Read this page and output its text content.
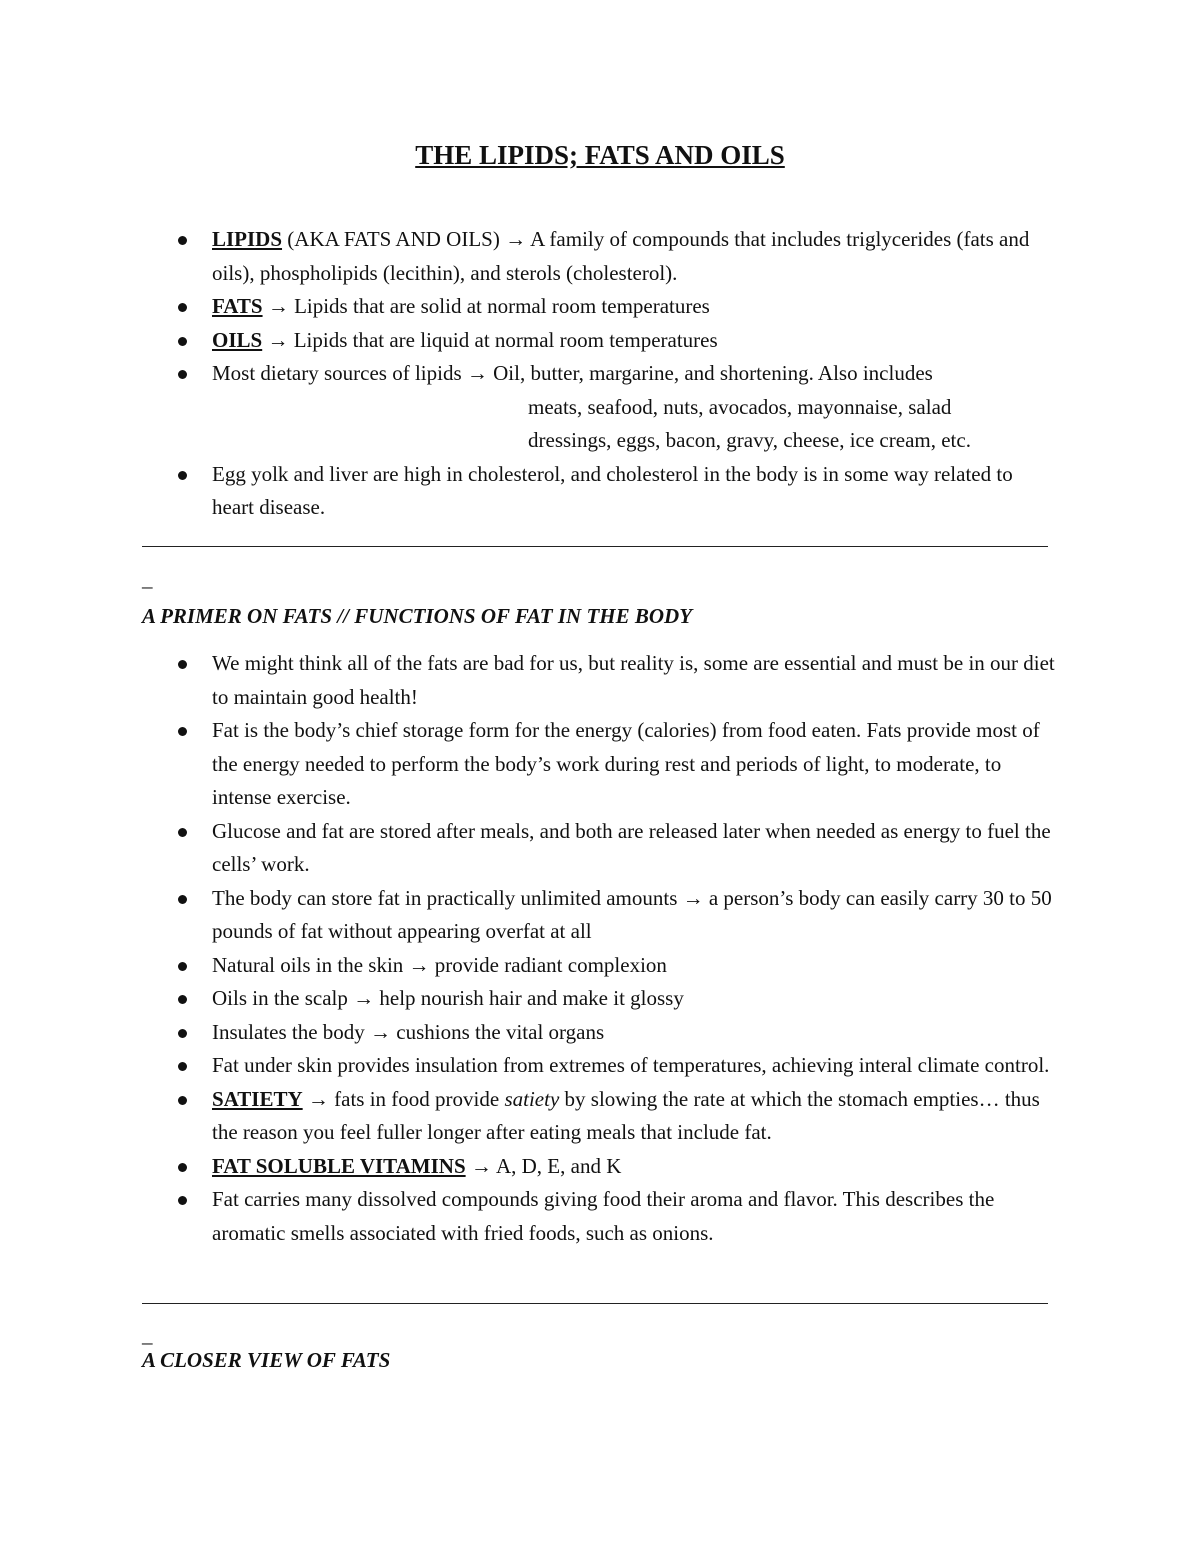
THE LIPIDS; FATS AND OILS
LIPIDS (AKA FATS AND OILS) → A family of compounds that includes triglycerides (fats and oils), phospholipids (lecithin), and sterols (cholesterol).
FATS → Lipids that are solid at normal room temperatures
OILS → Lipids that are liquid at normal room temperatures
Most dietary sources of lipids → Oil, butter, margarine, and shortening. Also includes
meats, seafood, nuts, avocados, mayonnaise, salad
dressings, eggs, bacon, gravy, cheese, ice cream, etc.
Egg yolk and liver are high in cholesterol, and cholesterol in the body is in some way related to heart disease.
_
A PRIMER ON FATS // FUNCTIONS OF FAT IN THE BODY
We might think all of the fats are bad for us, but reality is, some are essential and must be in our diet to maintain good health!
Fat is the body’s chief storage form for the energy (calories) from food eaten. Fats provide most of the energy needed to perform the body’s work during rest and periods of light, to moderate, to intense exercise.
Glucose and fat are stored after meals, and both are released later when needed as energy to fuel the cells’ work.
The body can store fat in practically unlimited amounts → a person’s body can easily carry 30 to 50 pounds of fat without appearing overfat at all
Natural oils in the skin → provide radiant complexion
Oils in the scalp → help nourish hair and make it glossy
Insulates the body → cushions the vital organs
Fat under skin provides insulation from extremes of temperatures, achieving interal climate control.
SATIETY → fats in food provide satiety by slowing the rate at which the stomach empties… thus the reason you feel fuller longer after eating meals that include fat.
FAT SOLUBLE VITAMINS → A, D, E, and K
Fat carries many dissolved compounds giving food their aroma and flavor. This describes the aromatic smells associated with fried foods, such as onions.
_
A CLOSER VIEW OF FATS
